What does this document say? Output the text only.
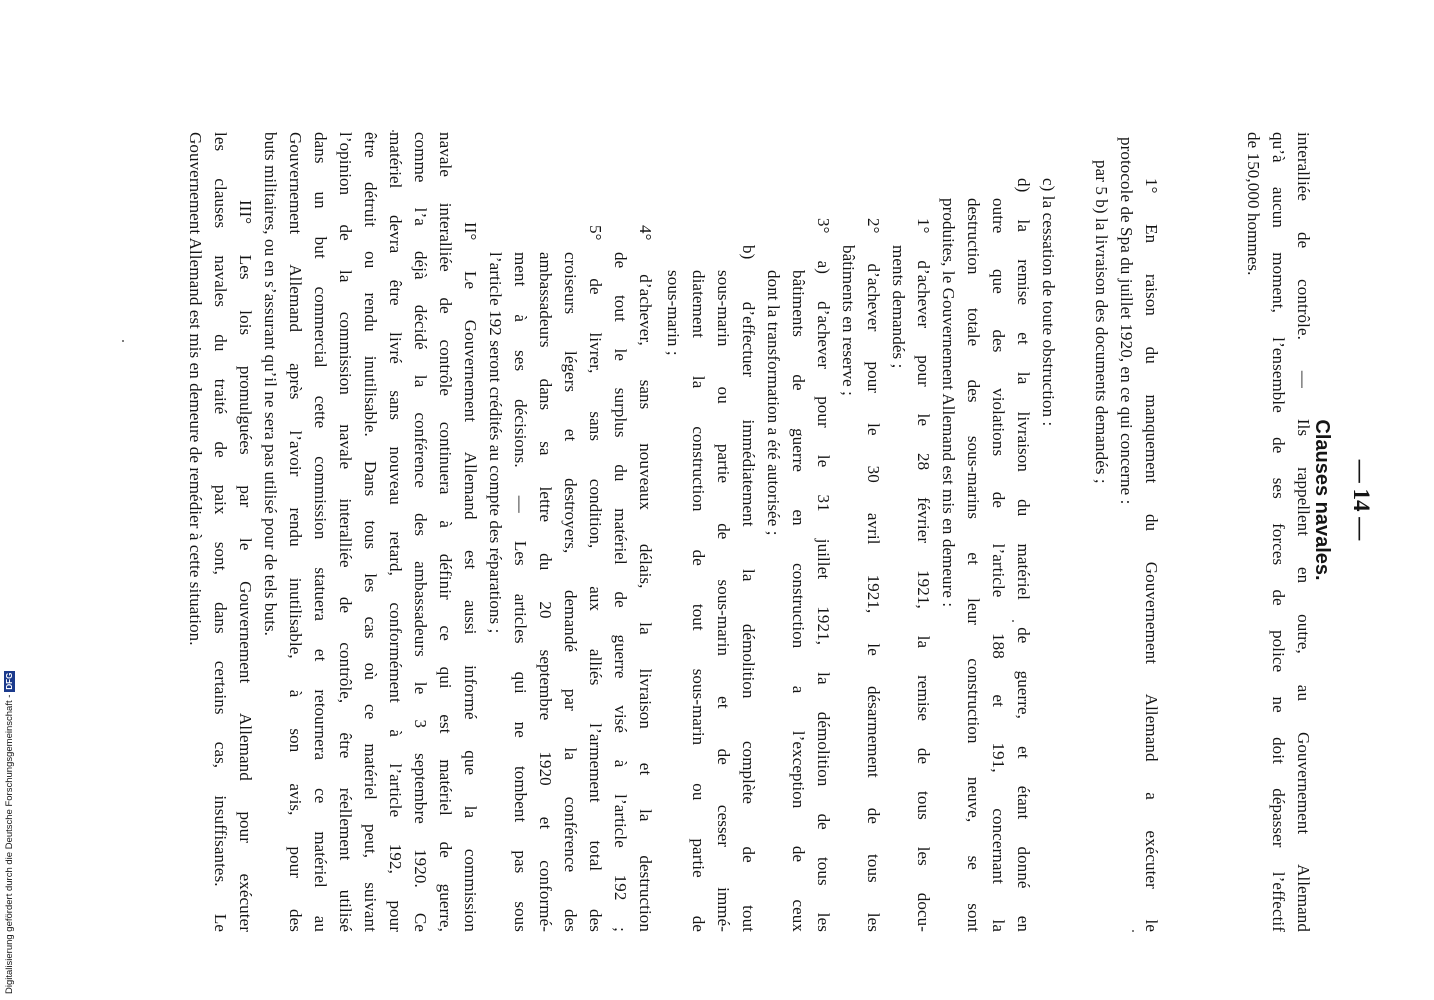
— 14 —
interalliée de contrôle. — Ils rappellent en outre, au Gouvernement Allemand
qu’à aucun moment, l’ensemble de ses forces de police ne doit dépasser l’effectif
de 150,000 hommes.
Clauses navales.
1° En raison du manquement du Gouvernement Allemand a exécuter le
protocole de Spa du juillet 1920, en ce qui concerne :
par 5 b) la livraison des documents demandés ;
c) la cessation de toute obstruction :
d) la remise et la livraison du matériel de guerre, et étant donné en
outre que des violations de l’article 188 et 191, concernant la
destruction totale des sous-marins et leur construction neuve, se sont
produites, le Gouvernement Allemand est mis en demeure :
1° d’achever pour le 28 février 1921, la remise de tous les docu-
ments demandés ;
2° d’achever pour le 30 avril 1921, le désarmement de tous les
bâtiments en reserve ;
3° a) d’achever pour le 31 juillet 1921, la démolition de tous les
bâtiments de guerre en construction a l’exception de ceux
dont la transformation a été autorisée ;
b) d’effectuer immédiatement la démolition complète de tout
sous-marin ou partie de sous-marin et de cesser immé-
diatement la construction de tout sous-marin ou partie de
sous-marin ;
4° d’achever, sans nouveaux délais, la livraison et la destruction
de tout le surplus du matériel de guerre visé à l’article 192 ;
5° de livrer, sans condition, aux alliés l’armement total des
croiseurs légers et destroyers, demandé par la conférence des
ambassadeurs dans sa lettre du 20 septembre 1920 et conformé-
ment à ses décisions. — Les articles qui ne tombent pas sous
l’article 192 seront crédités au compte des réparations ;
II° Le Gouvernement Allemand est aussi informé que la commission
navale interalliée de contrôle continuera à définir ce qui est matériel de guerre,
comme l’a déjà décidé la conférence des ambassadeurs le 3 septembre 1920. Ce
matériel devra être livré sans nouveau retard, conformément à l’article 192, pour
être détruit ou rendu inutilisable. Dans tous les cas où ce matériel peut, suivant
l’opinion de la commission navale interalliée de contrôle, être réellement utilisé
dans un but commercial cette commission statuera et retournera ce matériel au
Gouvernement Allemand après l’avoir rendu inutilisable, à son avis, pour des
buts militaires, ou en s’assurant qu’il ne sera pas utilisé pour de tels buts.
III° Les lois promulguées par le Gouvernement Allemand pour exécuter
les clauses navales du traité de paix sont, dans certains cas, insuffisantes. Le
Gouvernement Allemand est mis en demeure de remédier à cette situation.
Digitalisierung gefördert durch die Deutsche Forschungsgemeinschaft -DFG
